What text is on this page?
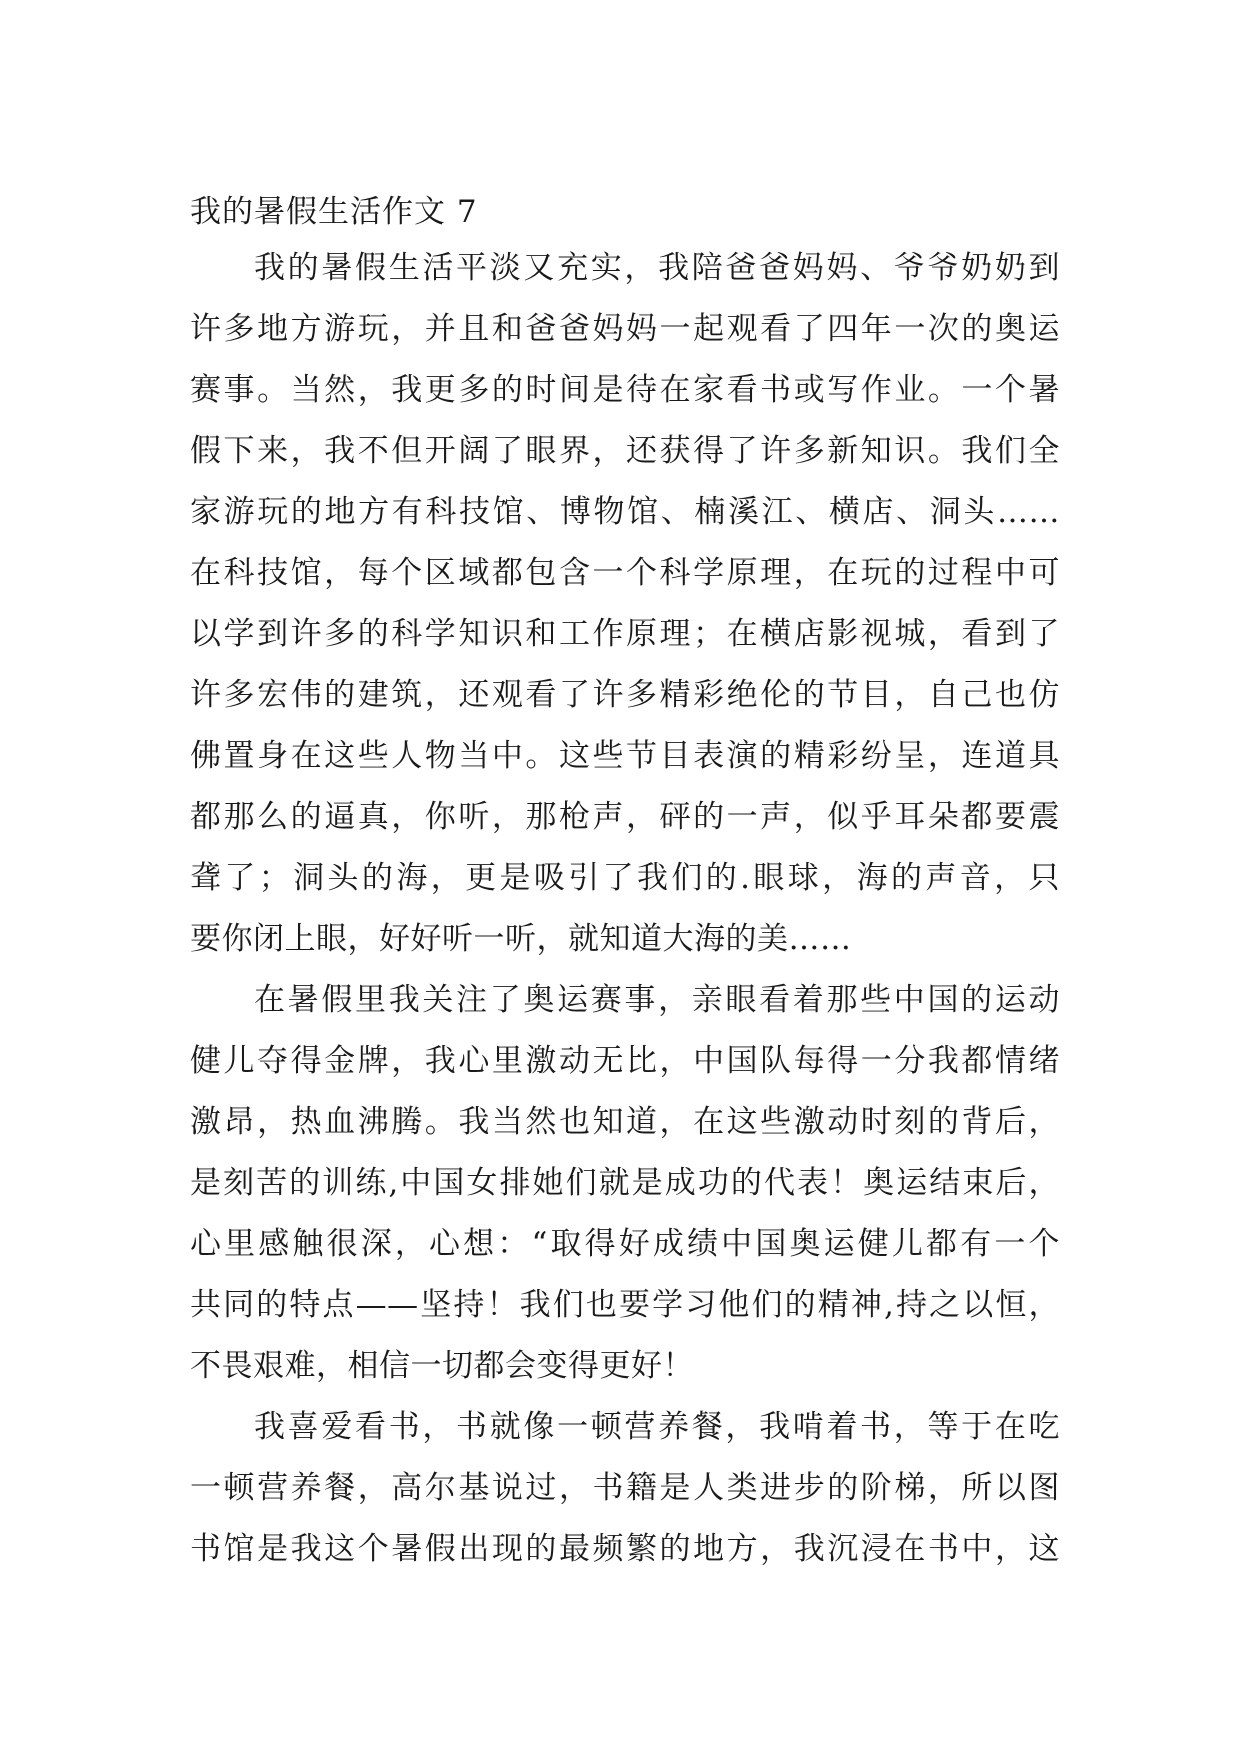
我的暑假生活作文 7
我的暑假生活平淡又充实，我陪爸爸妈妈、爷爷奶奶到
许多地方游玩，并且和爸爸妈妈一起观看了四年一次的奥运
赛事。当然，我更多的时间是待在家看书或写作业。一个暑
假下来，我不但开阔了眼界，还获得了许多新知识。我们全
家游玩的地方有科技馆、博物馆、楠溪江、横店、洞头……
在科技馆，每个区域都包含一个科学原理，在玩的过程中可
以学到许多的科学知识和工作原理；在横店影视城，看到了
许多宏伟的建筑，还观看了许多精彩绝伦的节目，自己也仿
佛置身在这些人物当中。这些节目表演的精彩纷呈，连道具
都那么的逼真，你听，那枪声，砰的一声，似乎耳朵都要震
聋了；洞头的海，更是吸引了我们的.眼球，海的声音，只
要你闭上眼，好好听一听，就知道大海的美……
在暑假里我关注了奥运赛事，亲眼看着那些中国的运动
健儿夺得金牌，我心里激动无比，中国队每得一分我都情绪
激昂，热血沸腾。我当然也知道，在这些激动时刻的背后，
是刻苦的训练,中国女排她们就是成功的代表！奥运结束后，
心里感触很深，心想：“取得好成绩中国奥运健儿都有一个
共同的特点——坚持！我们也要学习他们的精神,持之以恒，
不畏艰难，相信一切都会变得更好！
我喜爱看书，书就像一顿营养餐，我啃着书，等于在吃
一顿营养餐，高尔基说过，书籍是人类进步的阶梯，所以图
书馆是我这个暑假出现的最频繁的地方，我沉浸在书中，这
